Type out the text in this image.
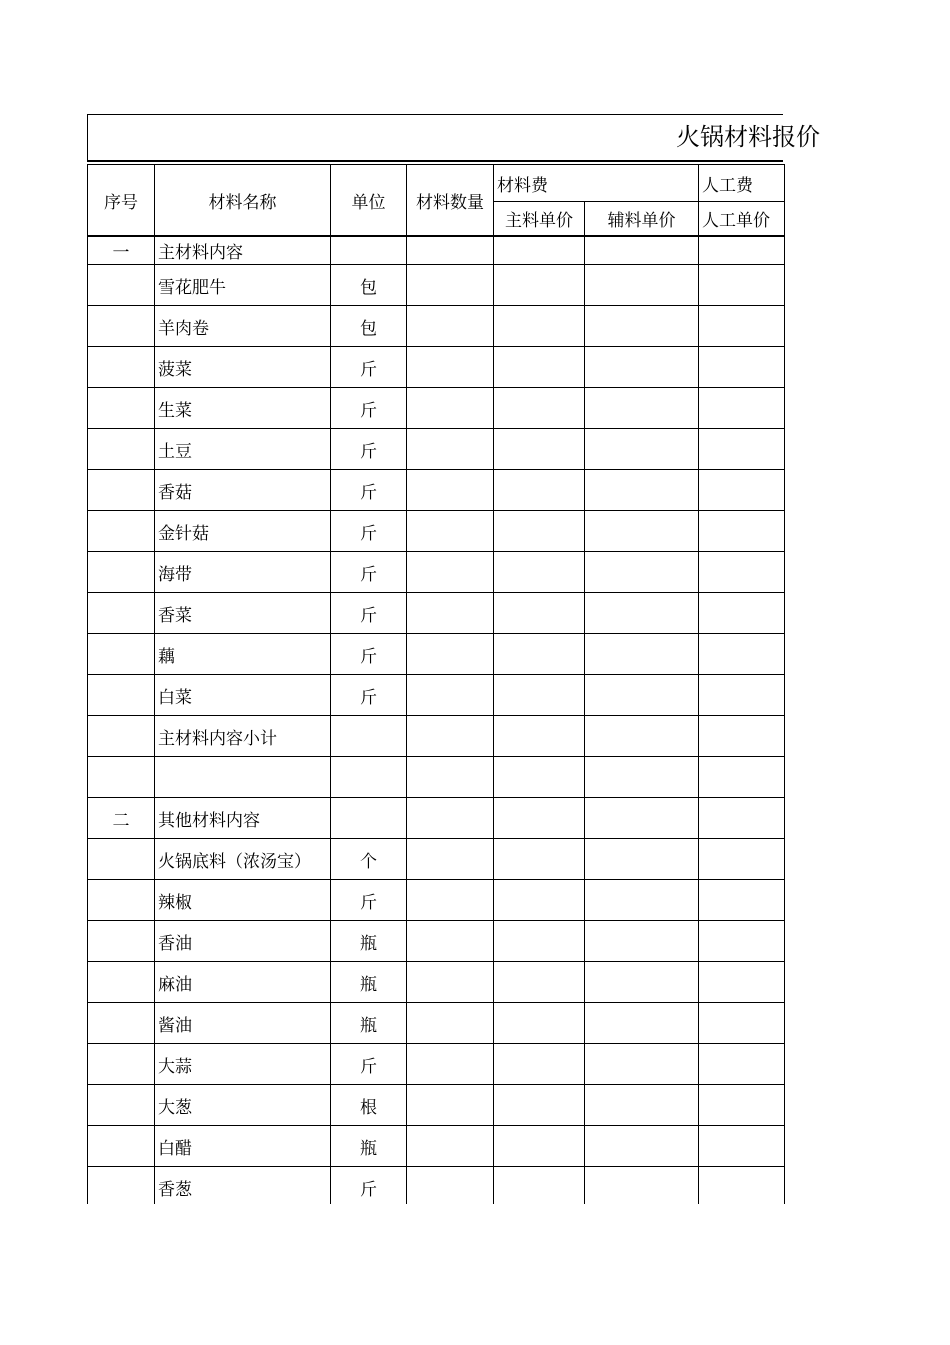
火锅材料报价
序号	材料名称	单位	材料数量	材料费		人工费
				主料单价	辅料单价	人工单价
一	主材料内容					
	雪花肥牛	包				
	羊肉卷	包				
	菠菜	斤				
	生菜	斤				
	土豆	斤				
	香菇	斤				
	金针菇	斤				
	海带	斤				
	香菜	斤				
	藕	斤				
	白菜	斤				
	主材料内容小计					

二	其他材料内容					
	火锅底料（浓汤宝）	个				
	辣椒	斤				
	香油	瓶				
	麻油	瓶				
	酱油	瓶				
	大蒜	斤				
	大葱	根				
	白醋	瓶				
	香葱	斤				
